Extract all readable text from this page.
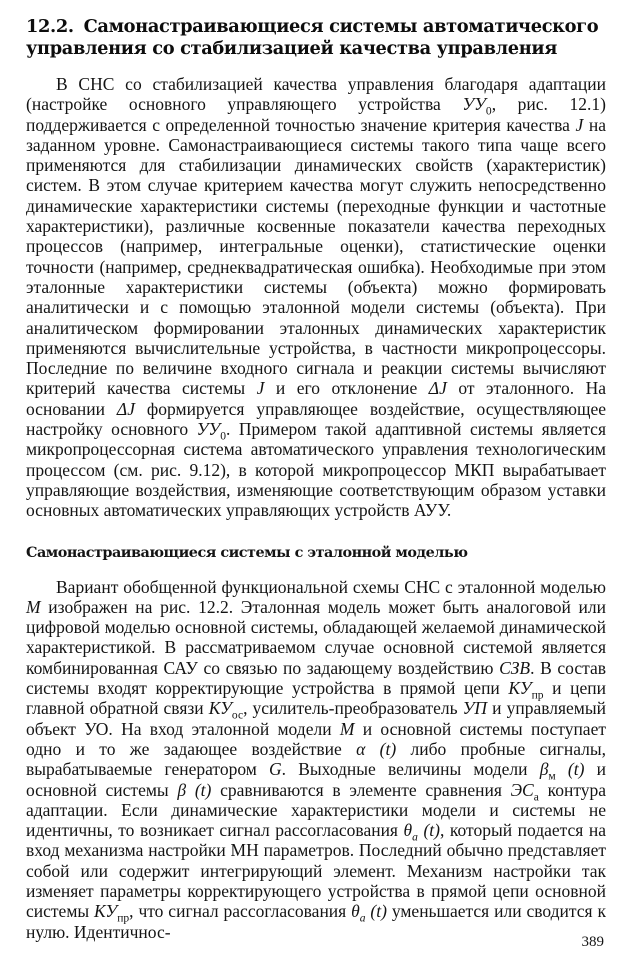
12.2. Самонастраивающиеся системы автоматического управления со стабилизацией качества управления

В СНС со стабилизацией качества управления благодаря адаптации (настройке основного управляющего устройства $УУ_0$, рис. 12.1) поддерживается с определенной точностью значение критерия качества J на заданном уровне. Самонастраивающиеся системы такого типа чаще всего применяются для стабилизации динамических свойств (характеристик) систем. В этом случае критерием качества могут служить непосредственно динамические характеристики системы (переходные функции и частотные характеристики), различные косвенные показатели качества переходных процессов (например, интегральные оценки), статистические оценки точности (например, среднеквадратическая ошибка). Необходимые при этом эталонные характеристики системы (объекта) можно формировать аналитически и с помощью эталонной модели системы (объекта). При аналитическом формировании эталонных динамических характеристик применяются вычислительные устройства, в частности микропроцессоры. Последние по величине входного сигнала и реакции системы вычисляют критерий качества системы J и его отклонение ΔJ от эталонного. На основании ΔJ формируется управляющее воздействие, осуществляющее настройку основного $УУ_0$. Примером такой адаптивной системы является микропроцессорная система автоматического управления технологическим процессом (см. рис. 9.12), в которой микропроцессор МКП вырабатывает управляющие воздействия, изменяющие соответствующим образом уставки основных автоматических управляющих устройств АУУ.

Самонастраивающиеся системы с эталонной моделью

Вариант обобщенной функциональной схемы СНС с эталонной моделью М изображен на рис. 12.2. Эталонная модель может быть аналоговой или цифровой моделью основной системы, обладающей желаемой динамической характеристикой. В рассматриваемом случае основной системой является комбинированная САУ со связью по задающему воздействию СЗВ. В состав системы входят корректирующие устройства в прямой цепи $КУ_{пр}$ и цепи главной обратной связи $КУ_{ос}$, усилитель-преобразователь УП и управляемый объект УО. На вход эталонной модели М и основной системы поступает одно и то же задающее воздействие α (t) либо пробные сигналы, вырабатываемые генератором G. Выходные величины модели $\beta_м$ (t) и основной системы β (t) сравниваются в элементе сравнения $ЭС_а$ контура адаптации. Если динамические характеристики модели и системы не идентичны, то возникает сигнал рассогласования $\theta_a$ (t), который подается на вход механизма настройки МН параметров. Последний обычно представляет собой или содержит интегрирующий элемент. Механизм настройки так изменяет параметры корректирующего устройства в прямой цепи основной системы $КУ_{пр}$, что сигнал рассогласования $\theta_a$ (t) уменьшается или сводится к нулю. Идентичнос-

389
